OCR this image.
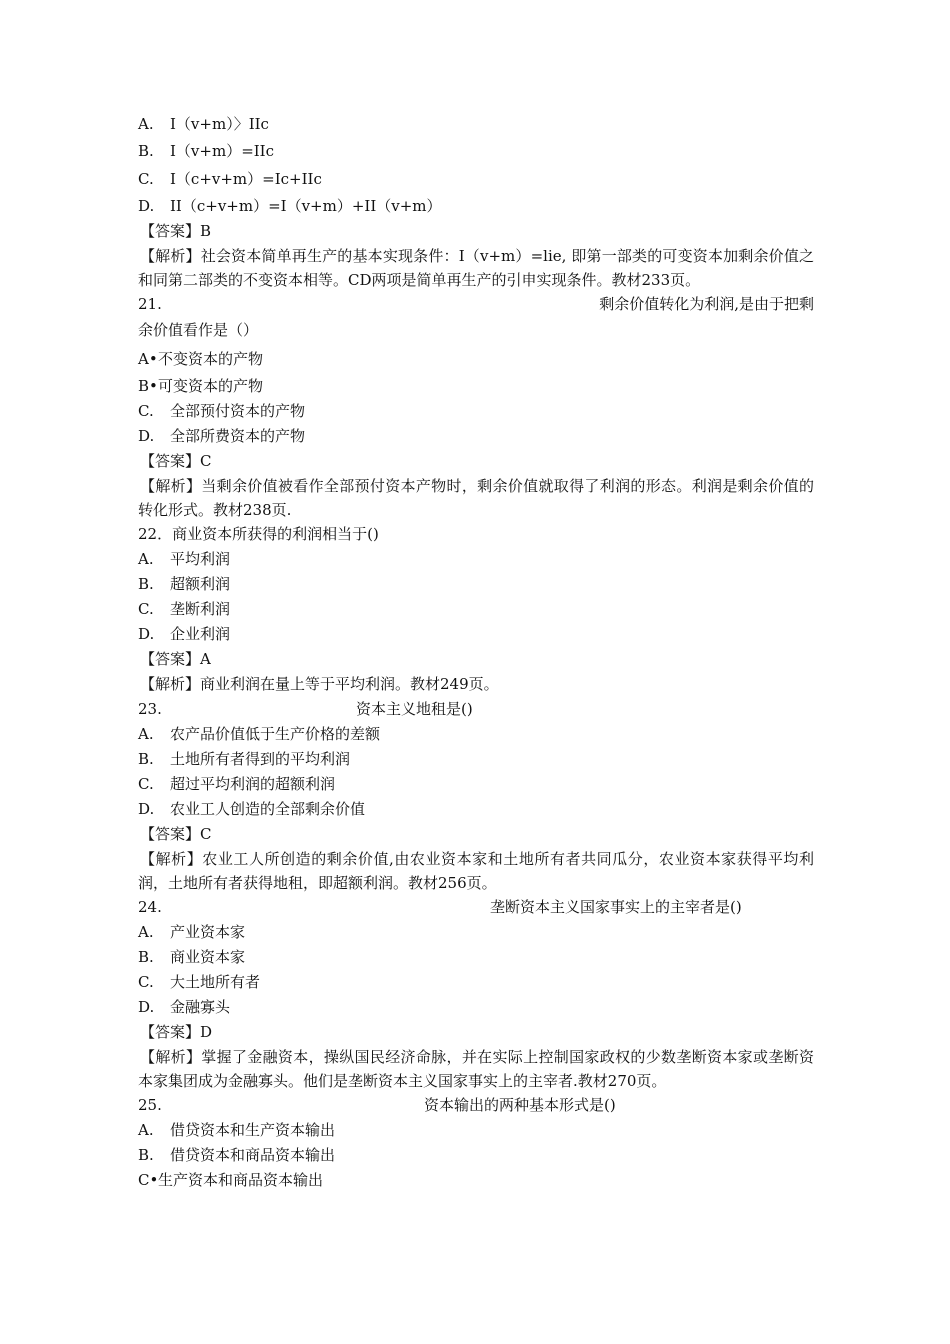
A.	I（v+m）〉IIc
B.	I（v+m）=IIc
C.	I（c+v+m）=Ic+IIc
D.	II（c+v+m）=I（v+m）+II（v+m）
【答案】B
【解析】社会资本简单再生产的基本实现条件：I（v+m）=lie, 即第一部类的可变资本加剩余价值之和同第二部类的不变资本相等。CD两项是简单再生产的引申实现条件。教材233页。
21.	剩余价值转化为利润,是由于把剩
余价值看作是（）
A• 不变资本的产物
B• 可变资本的产物
C.	全部预付资本的产物
D.	全部所费资本的产物
【答案】C
【解析】当剩余价值被看作全部预付资本产物时，剩余价值就取得了利润的形态。利润是剩余价值的转化形式。教材238页.
22．商业资本所获得的利润相当于()
A.	平均利润
B.	超额利润
C.	垄断利润
D.	企业利润
【答案】A
【解析】商业利润在量上等于平均利润。教材249页。
23.	资本主义地租是()
A.	农产品价值低于生产价格的差额
B.	土地所有者得到的平均利润
C.	超过平均利润的超额利润
D.	农业工人创造的全部剩余价值
【答案】C
【解析】农业工人所创造的剩余价值,由农业资本家和土地所有者共同瓜分，农业资本家获得平均利润，土地所有者获得地租，即超额利润。教材256页。
24.	垄断资本主义国家事实上的主宰者是()
A.	产业资本家
B.	商业资本家
C.	大土地所有者
D.	金融寡头
【答案】D
【解析】掌握了金融资本，操纵国民经济命脉，并在实际上控制国家政权的少数垄断资本家或垄断资本家集团成为金融寡头。他们是垄断资本主义国家事实上的主宰者.教材270页。
25.	资本输出的两种基本形式是()
A.	借贷资本和生产资本输出
B.	借贷资本和商品资本输出
C• 生产资本和商品资本输出
